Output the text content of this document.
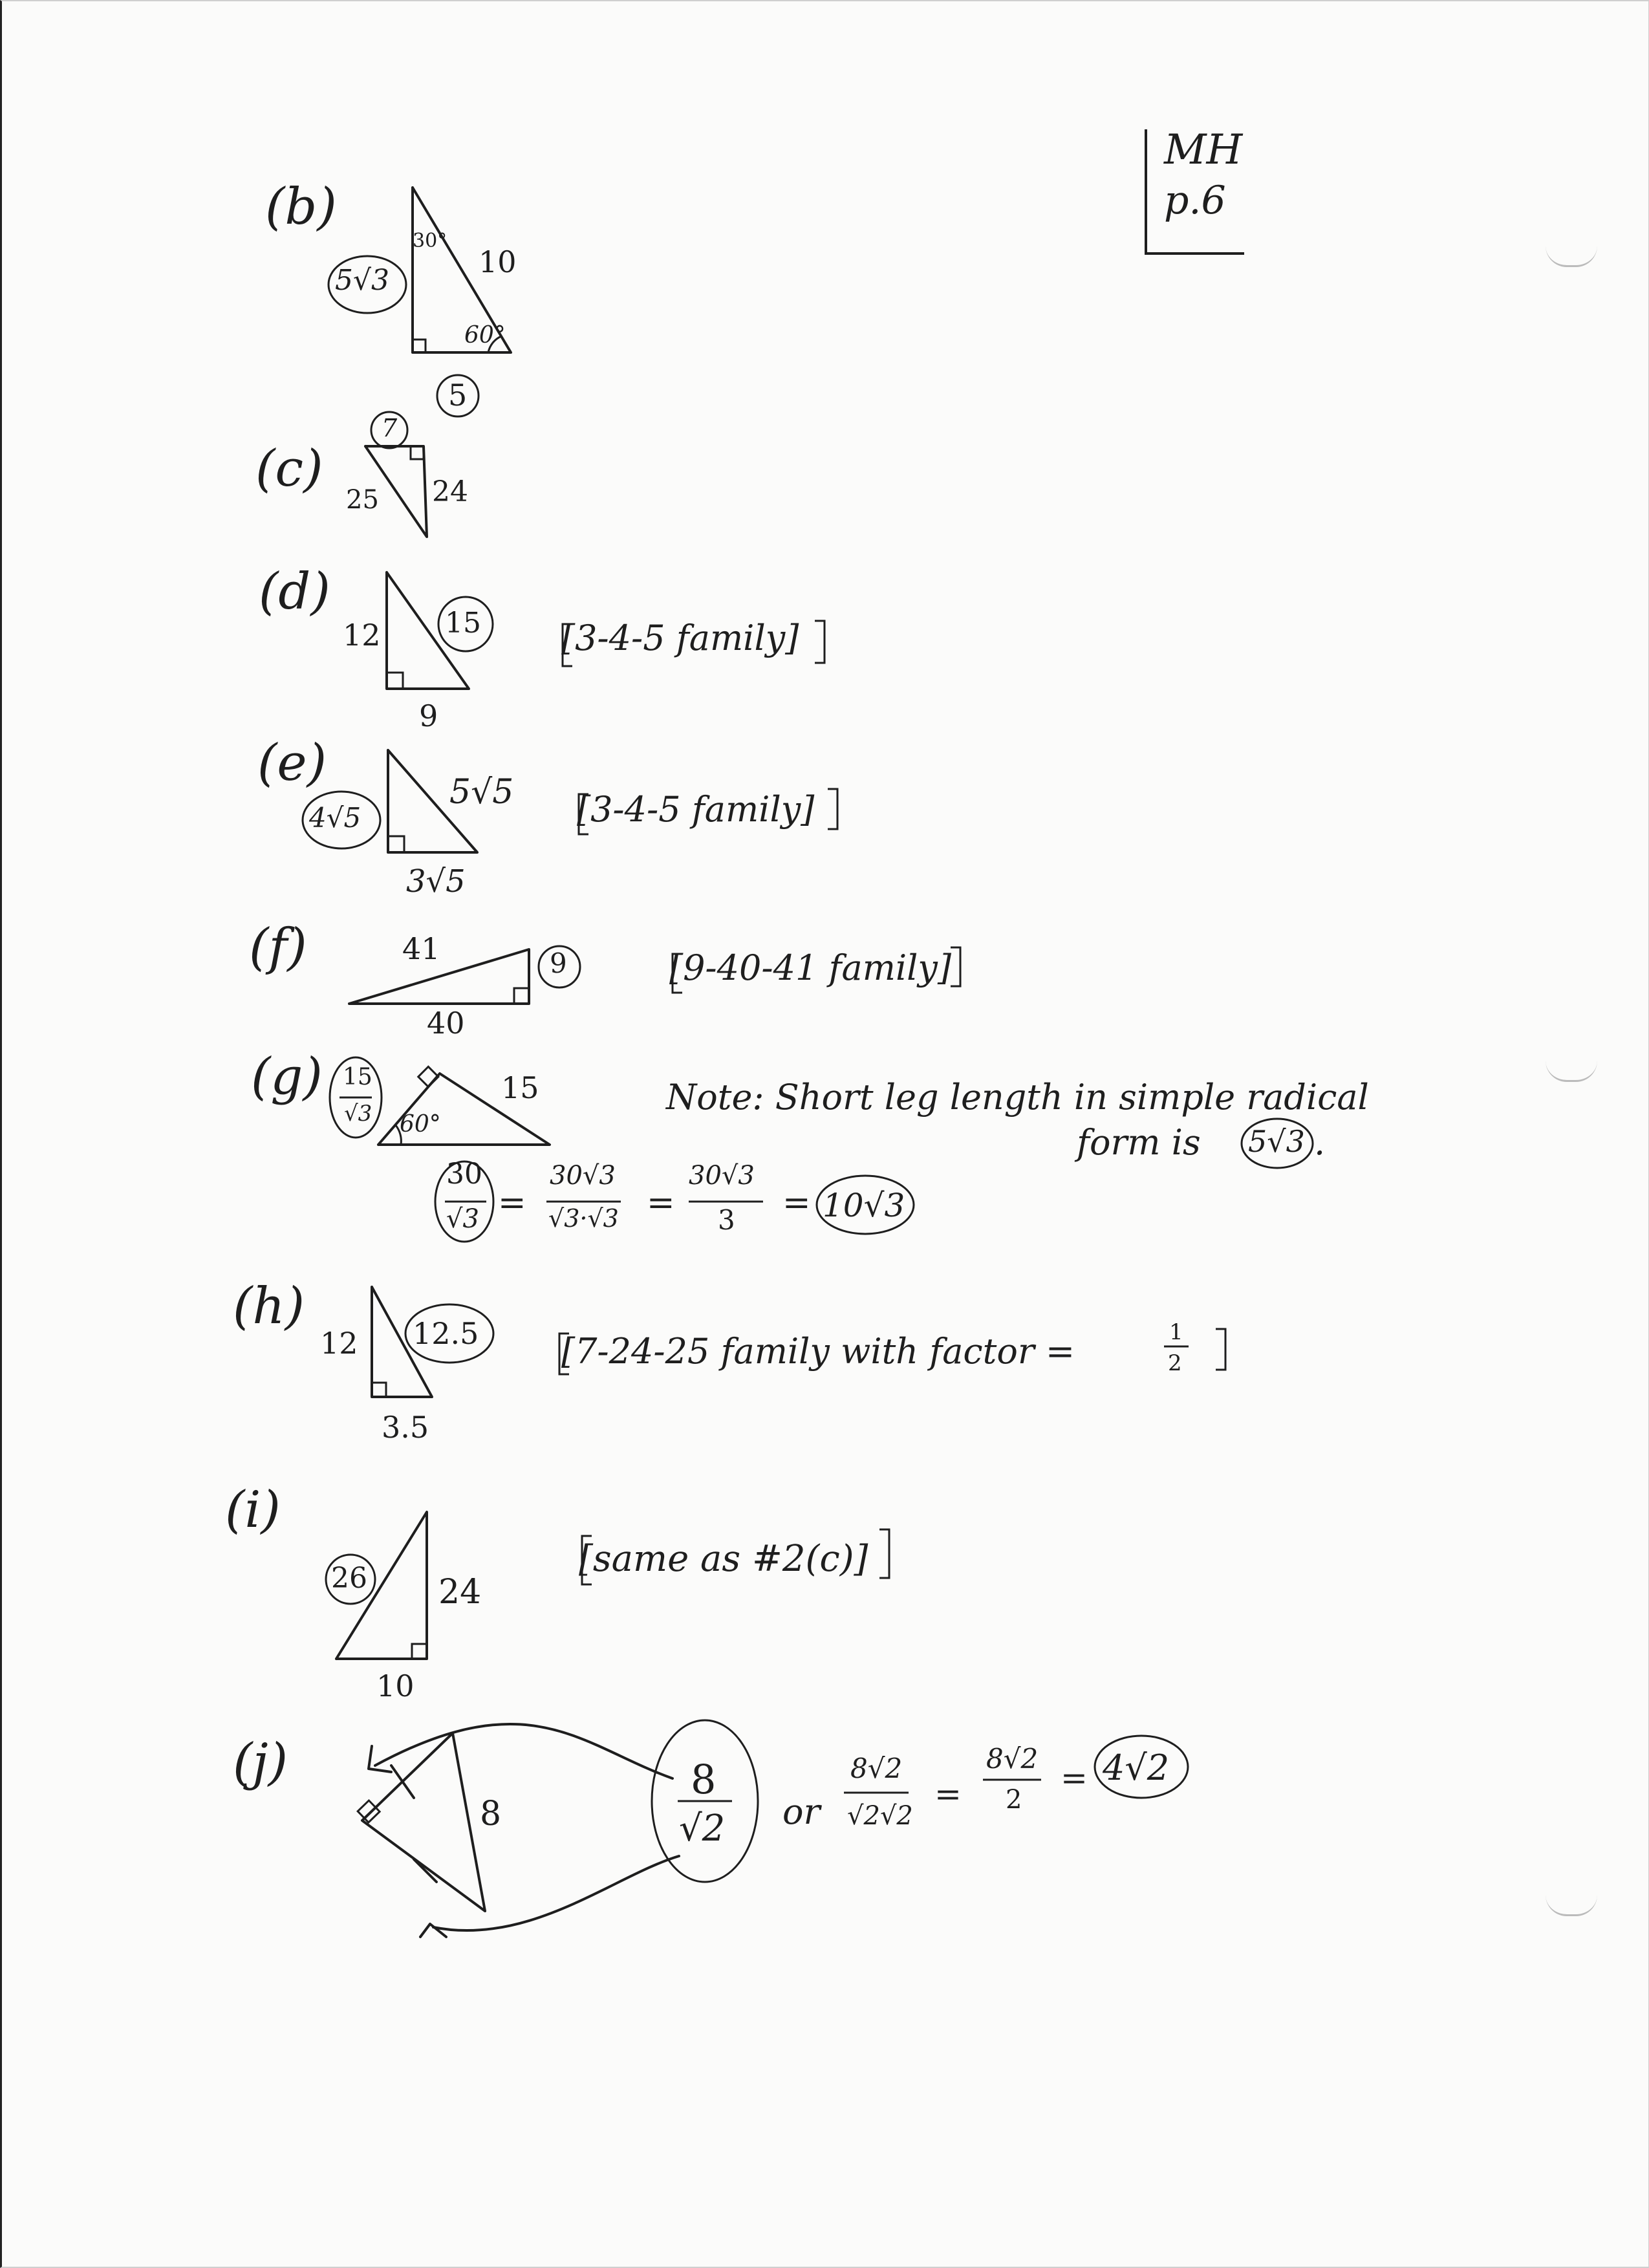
MH
p.6
(b)
30°
10
60°
5√3
5
(c)
7
25 24
(d)
12 15
9
[3-4-5 family]
(e)
4√5
5√5
3√5
[3-4-5 family]
(f)	41	9
40
[9-40-41 family]
(g) 15
√3 60°
15	Note: Short leg length in simple radical
form is 5√3 .
30
√3 =
30√3
√3·√3 =
30√3
3 = 10√3
(h)
12 12.5
3.5
[7-24-25 family with factor =	1
2
(i)
26 24
10
[same as #2(c)]
(j)
8
8
√2 or
8√2
√2√2
=
8√2
2
= 4√2
